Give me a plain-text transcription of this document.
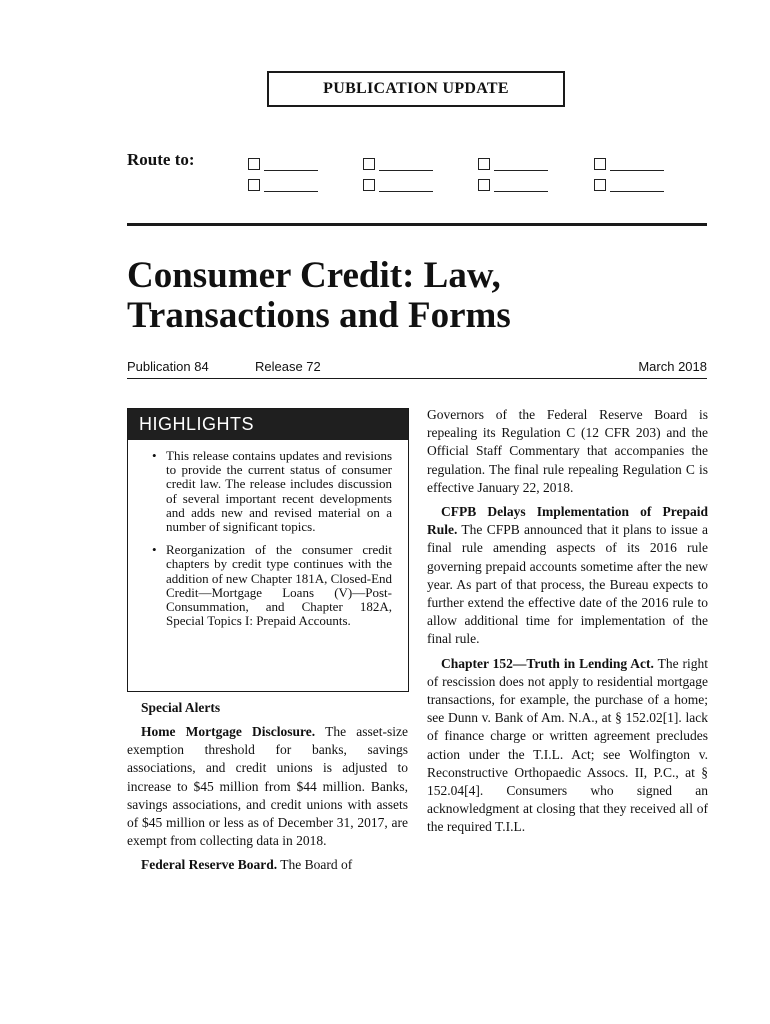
PUBLICATION UPDATE
Route to:
Consumer Credit: Law,
Transactions and Forms
Publication 84	Release 72	March 2018
HIGHLIGHTS
• This release contains updates and revisions to provide the current status of consumer credit law. The release includes discussion of several important recent developments and adds new and revised material on a number of significant topics.
• Reorganization of the consumer credit chapters by credit type continues with the addition of new Chapter 181A, Closed-End Credit—Mortgage Loans (V)—Post-Consummation, and Chapter 182A, Special Topics I: Prepaid Accounts.
Special Alerts

Home Mortgage Disclosure. The asset-size exemption threshold for banks, savings associations, and credit unions is adjusted to increase to $45 million from $44 million. Banks, savings associations, and credit unions with assets of $45 million or less as of December 31, 2017, are exempt from collecting data in 2018.

Federal Reserve Board. The Board of

Governors of the Federal Reserve Board is repealing its Regulation C (12 CFR 203) and the Official Staff Commentary that accompanies the regulation. The final rule repealing Regulation C is effective January 22, 2018.

CFPB Delays Implementation of Prepaid Rule. The CFPB announced that it plans to issue a final rule amending aspects of its 2016 rule governing prepaid accounts sometime after the new year. As part of that process, the Bureau expects to further extend the effective date of the 2016 rule to allow additional time for implementation of the final rule.

Chapter 152—Truth in Lending Act. The right of rescission does not apply to residential mortgage transactions, for example, the purchase of a home; see Dunn v. Bank of Am. N.A., at § 152.02[1]. lack of finance charge or written agreement precludes action under the T.I.L. Act; see Wolfington v. Reconstructive Orthopaedic Assocs. II, P.C., at § 152.04[4]. Consumers who signed an acknowledgment at closing that they received all of the required T.I.L.
